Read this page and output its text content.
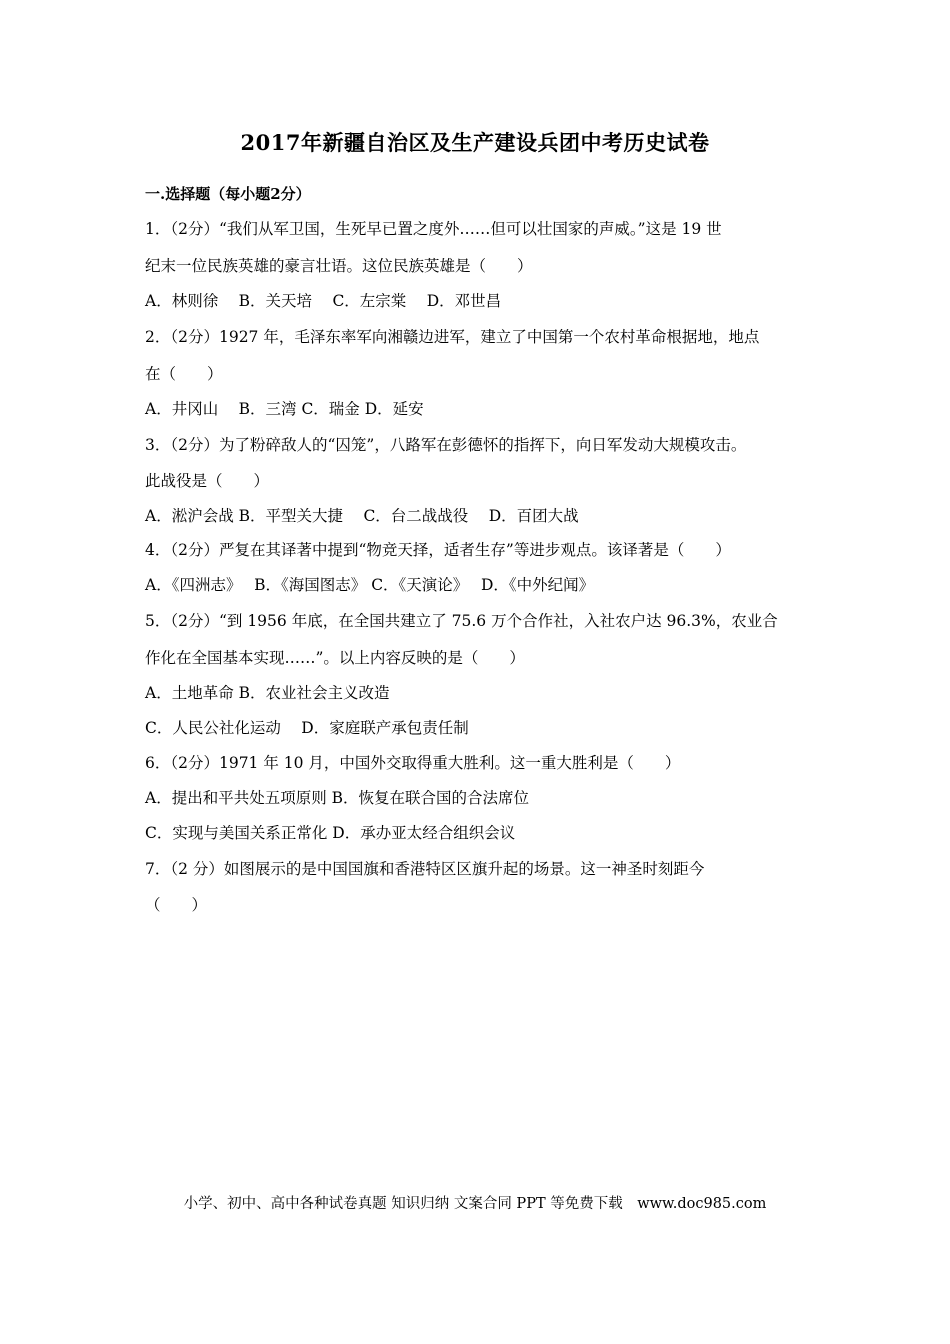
2017年新疆自治区及生产建设兵团中考历史试卷
一.选择题（每小题2分）
1．（2分）“我们从军卫国，生死早已置之度外……但可以壮国家的声威。”这是 19 世
纪末一位民族英雄的豪言壮语。这位民族英雄是（　　）
A．林则徐　 B．关天培　 C．左宗棠　 D．邓世昌
2．（2分）1927 年，毛泽东率军向湘赣边进军，建立了中国第一个农村革命根据地，地点
在（　　）
A．井冈山　 B．三湾 C．瑞金 D．延安
3．（2分）为了粉碎敌人的“囚笼”，八路军在彭德怀的指挥下，向日军发动大规模攻击。
此战役是（　　）
A．淞沪会战 B．平型关大捷　 C．台二战战役　 D．百团大战
4．（2分）严复在其译著中提到“物竞天择，适者生存”等进步观点。该译著是（　　）
A．《四洲志》　 B．《海国图志》 C．《天演论》　 D．《中外纪闻》
5．（2分）“到 1956 年底，在全国共建立了 75.6 万个合作社，入社农户达 96.3%，农业合
作化在全国基本实现……”。以上内容反映的是（　　）
A．土地革命 B．农业社会主义改造
C．人民公社化运动　 D．家庭联产承包责任制
6．（2分）1971 年 10 月，中国外交取得重大胜利。这一重大胜利是（　　）
A．提出和平共处五项原则 B．恢复在联合国的合法席位
C．实现与美国关系正常化 D．承办亚太经合组织会议
7．（2 分）如图展示的是中国国旗和香港特区区旗升起的场景。这一神圣时刻距今
（　　）
小学、初中、高中各种试卷真题 知识归纳 文案合同 PPT 等免费下载　www.doc985.com
